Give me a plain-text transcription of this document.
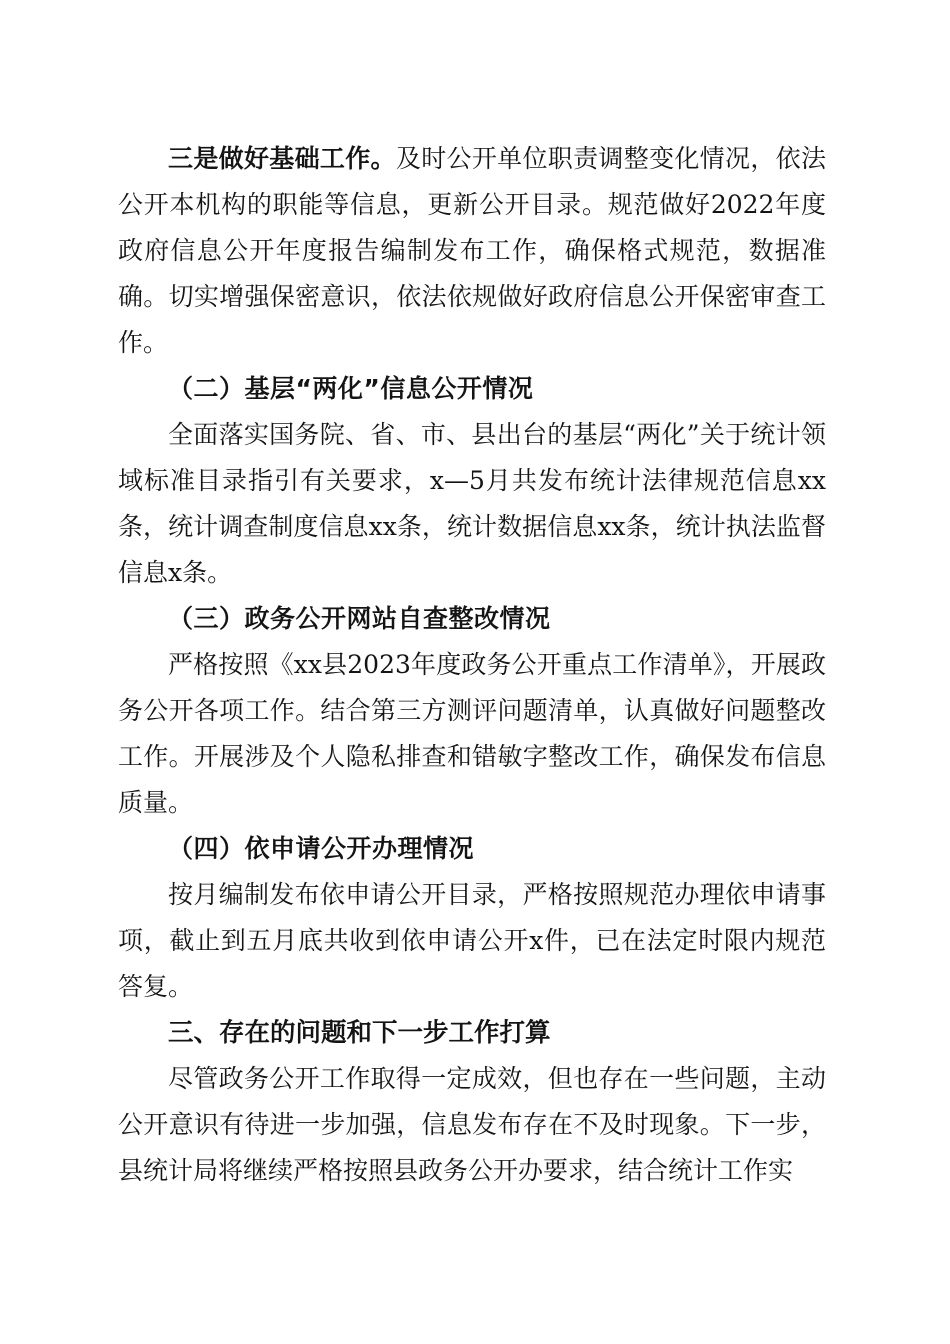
三是做好基础工作。及时公开单位职责调整变化情况，依法公开本机构的职能等信息，更新公开目录。规范做好2022年度政府信息公开年度报告编制发布工作，确保格式规范，数据准确。切实增强保密意识，依法依规做好政府信息公开保密审查工作。

（二）基层“两化”信息公开情况

全面落实国务院、省、市、县出台的基层“两化”关于统计领域标准目录指引有关要求，x—5月共发布统计法律规范信息xx条，统计调查制度信息xx条，统计数据信息xx条，统计执法监督信息x条。

（三）政务公开网站自查整改情况

严格按照《xx县2023年度政务公开重点工作清单》，开展政务公开各项工作。结合第三方测评问题清单，认真做好问题整改工作。开展涉及个人隐私排查和错敏字整改工作，确保发布信息质量。

（四）依申请公开办理情况

按月编制发布依申请公开目录，严格按照规范办理依申请事项，截止到五月底共收到依申请公开x件，已在法定时限内规范答复。

三、存在的问题和下一步工作打算

尽管政务公开工作取得一定成效，但也存在一些问题，主动公开意识有待进一步加强，信息发布存在不及时现象。下一步，县统计局将继续严格按照县政务公开办要求，结合统计工作实
